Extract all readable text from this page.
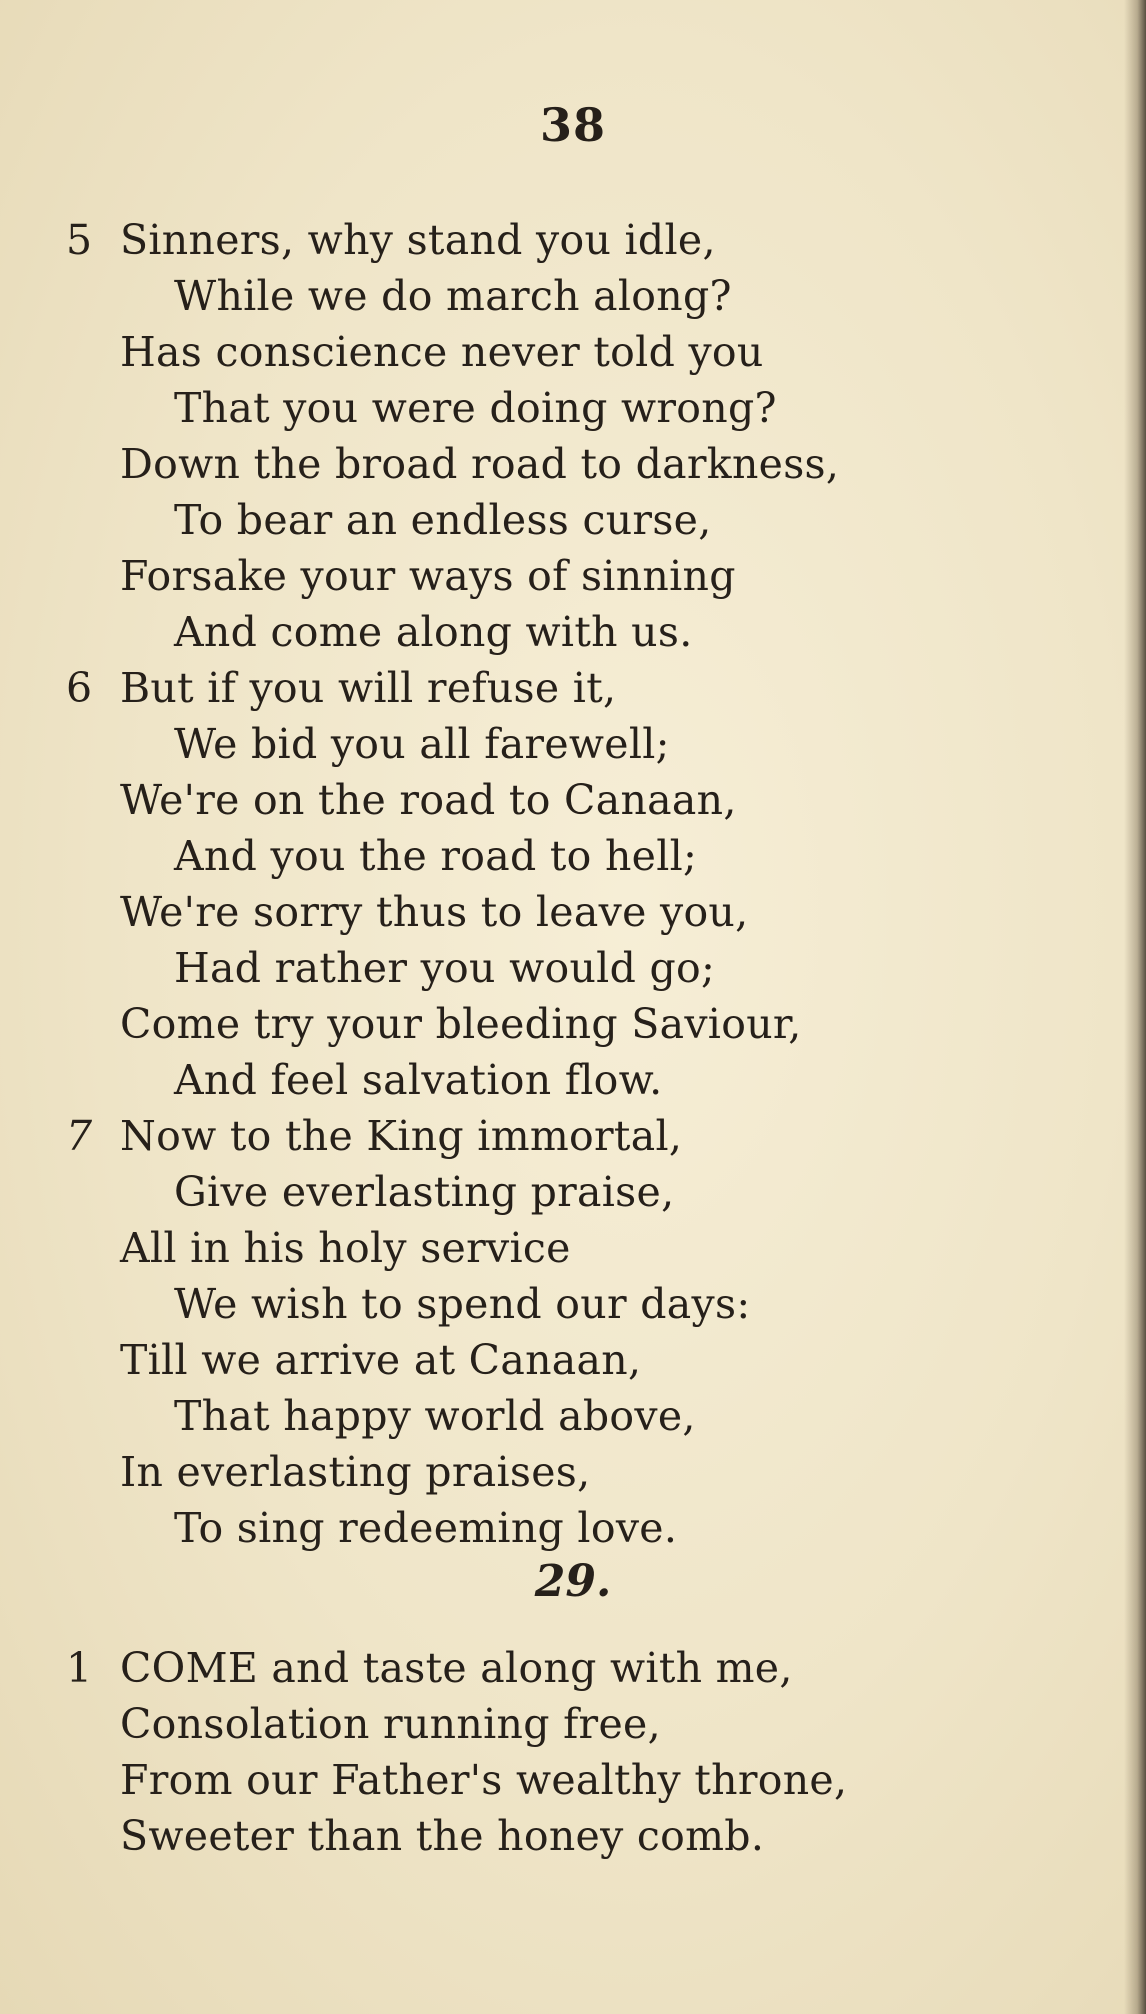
38
5 Sinners, why stand you idle,
While we do march along?
Has conscience never told you
That you were doing wrong?
Down the broad road to darkness,
To bear an endless curse,
Forsake your ways of sinning
And come along with us.
6 But if you will refuse it,
We bid you all farewell;
We're on the road to Canaan,
And you the road to hell;
We're sorry thus to leave you,
Had rather you would go;
Come try your bleeding Saviour,
And feel salvation flow.
7 Now to the King immortal,
Give everlasting praise,
All in his holy service
We wish to spend our days:
Till we arrive at Canaan,
That happy world above,
In everlasting praises,
To sing redeeming love.
29.
1 COME and taste along with me,
Consolation running free,
From our Father's wealthy throne,
Sweeter than the honey comb.
